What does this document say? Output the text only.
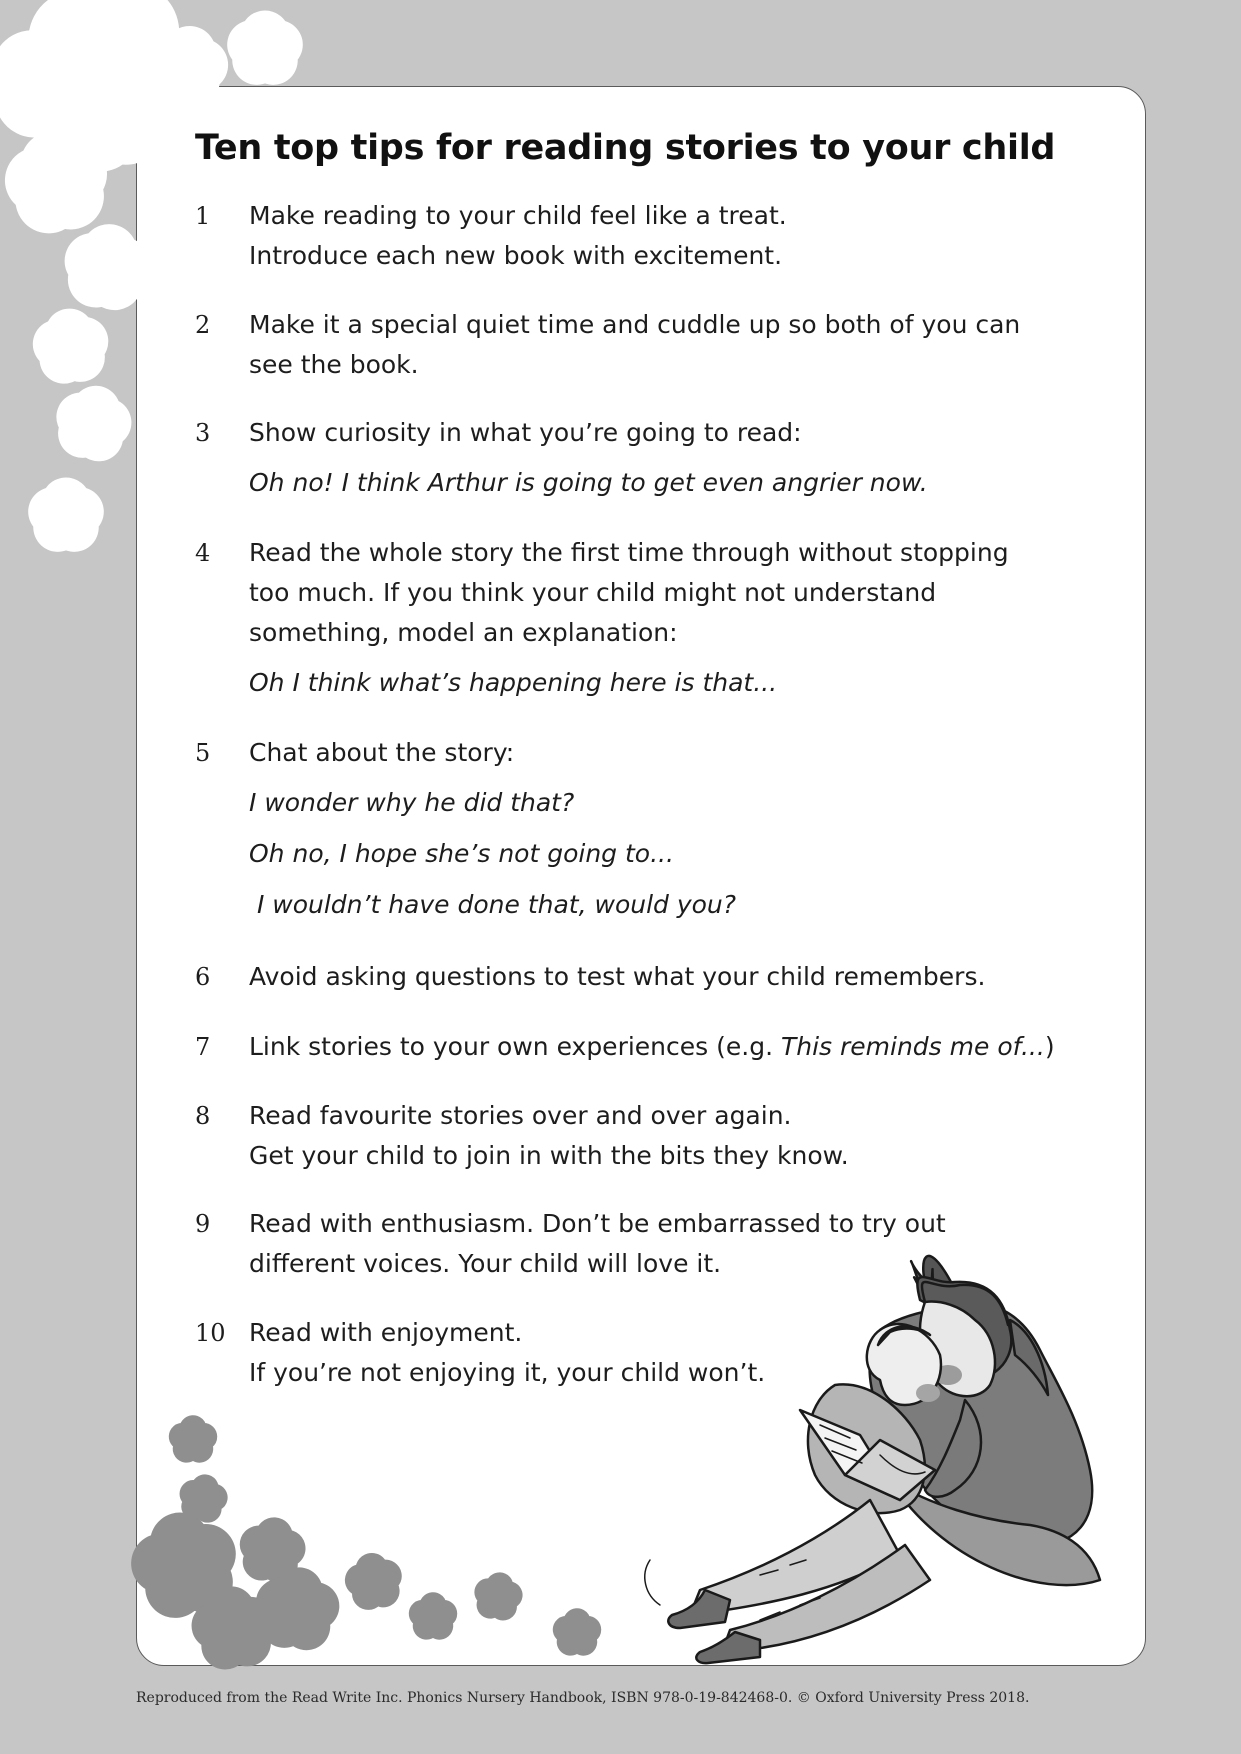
Ten top tips for reading stories to your child
1 Make reading to your child feel like a treat.
Introduce each new book with excitement.
2 Make it a special quiet time and cuddle up so both of you can
see the book.
3 Show curiosity in what you’re going to read:
Oh no! I think Arthur is going to get even angrier now.
4 Read the whole story the first time through without stopping
too much. If you think your child might not understand
something, model an explanation:
Oh I think what’s happening here is that...
5 Chat about the story:
I wonder why he did that?
Oh no, I hope she’s not going to...
I wouldn’t have done that, would you?
6 Avoid asking questions to test what your child remembers.
7 Link stories to your own experiences (e.g. This reminds me of...)
8 Read favourite stories over and over again.
Get your child to join in with the bits they know.
9 Read with enthusiasm. Don’t be embarrassed to try out
different voices. Your child will love it.
10 Read with enjoyment.
If you’re not enjoying it, your child won’t.
Reproduced from the Read Write Inc. Phonics Nursery Handbook, ISBN 978-0-19-842468-0. © Oxford University Press 2018.
